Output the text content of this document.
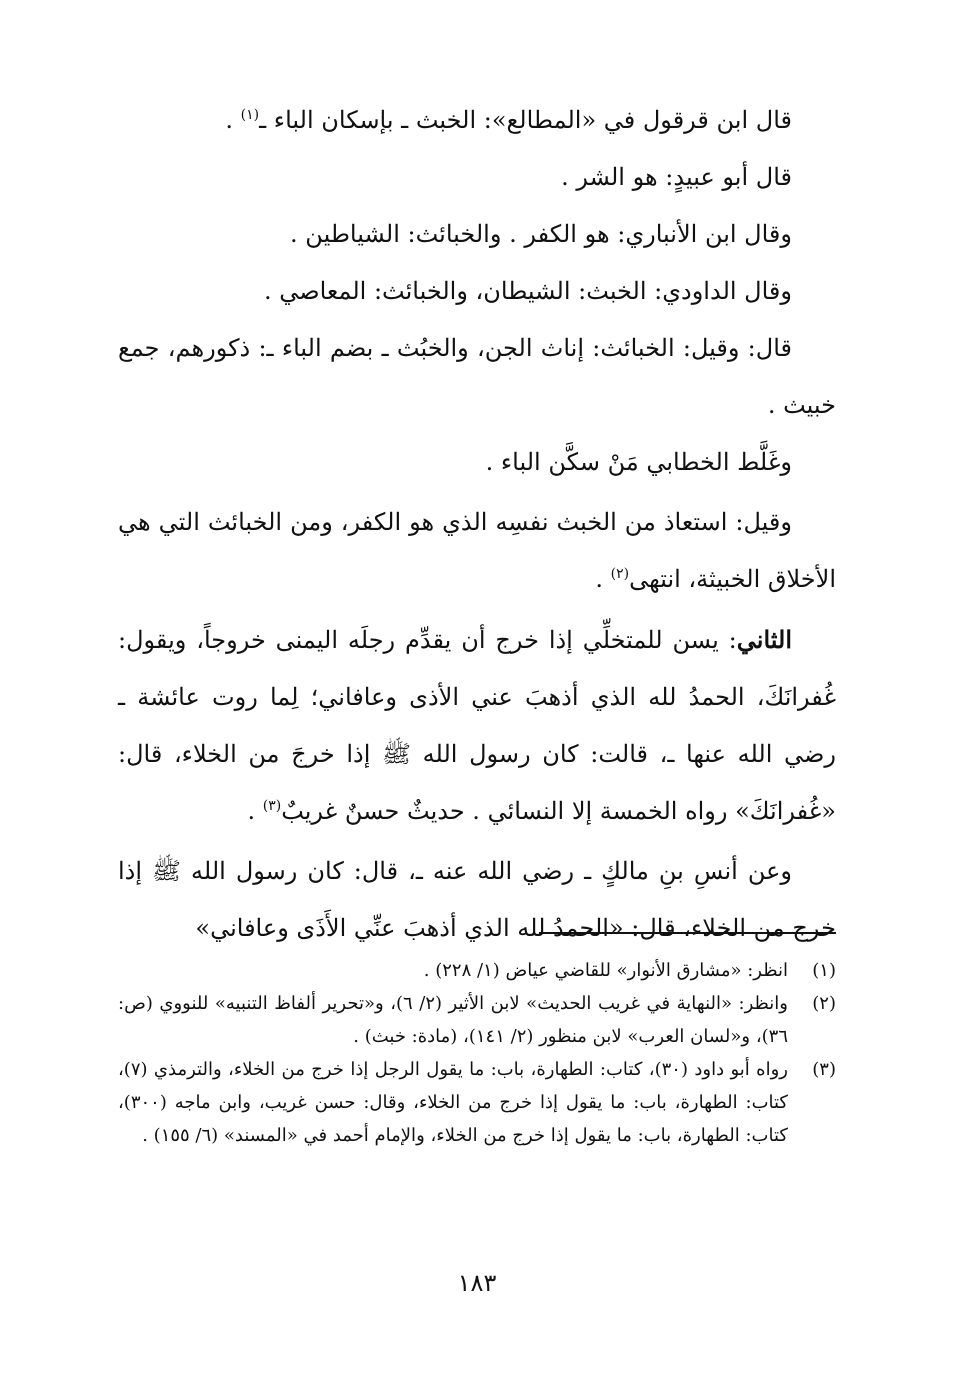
قال ابن قرقول في «المطالع»: الخبث ـ بإسكان الباء ـ$^{(١)}$ .

قال أبو عبيدٍ: هو الشر .

وقال ابن الأنباري: هو الكفر . والخبائث: الشياطين .

وقال الداودي: الخبث: الشيطان، والخبائث: المعاصي .

قال: وقيل: الخبائث: إناث الجن، والخبُث ـ بضم الباء ـ: ذكورهم، جمع خبيث .

وغَلَّط الخطابي مَنْ سكَّن الباء .

وقيل: استعاذ من الخبث نفسِه الذي هو الكفر، ومن الخبائث التي هي الأخلاق الخبيثة، انتهى$^{(٢)}$ .

الثاني: يسن للمتخلِّي إذا خرج أن يقدِّم رجلَه اليمنى خروجاً، ويقول: غُفرانَكَ، الحمدُ لله الذي أذهبَ عني الأذى وعافاني؛ لِما روت عائشة ـ رضي الله عنها ـ، قالت: كان رسول الله ﷺ إذا خرجَ من الخلاء، قال: «غُفرانَكَ» رواه الخمسة إلا النسائي . حديثٌ حسنٌ غريبٌ$^{(٣)}$ .

وعن أنسِ بنِ مالكٍ ـ رضي الله عنه ـ، قال: كان رسول الله ﷺ إذا خرج من الخلاء، قال: «الحمدُ لله الذي أذهبَ عنِّي الأَذَى وعافاني»

(١)
انظر: «مشارق الأنوار» للقاضي عياض (١/ ٢٢٨) .
(٢)
وانظر: «النهاية في غريب الحديث» لابن الأثير (٢/ ٦)، و«تحرير ألفاظ التنبيه» للنووي (ص: ٣٦)، و«لسان العرب» لابن منظور (٢/ ١٤١)، (مادة: خبث) .
(٣)
رواه أبو داود (٣٠)، كتاب: الطهارة، باب: ما يقول الرجل إذا خرج من الخلاء، والترمذي (٧)، كتاب: الطهارة، باب: ما يقول إذا خرج من الخلاء، وقال: حسن غريب، وابن ماجه (٣٠٠)، كتاب: الطهارة، باب: ما يقول إذا خرج من الخلاء، والإمام أحمد في «المسند» (٦/ ١٥٥) .
١٨٣
